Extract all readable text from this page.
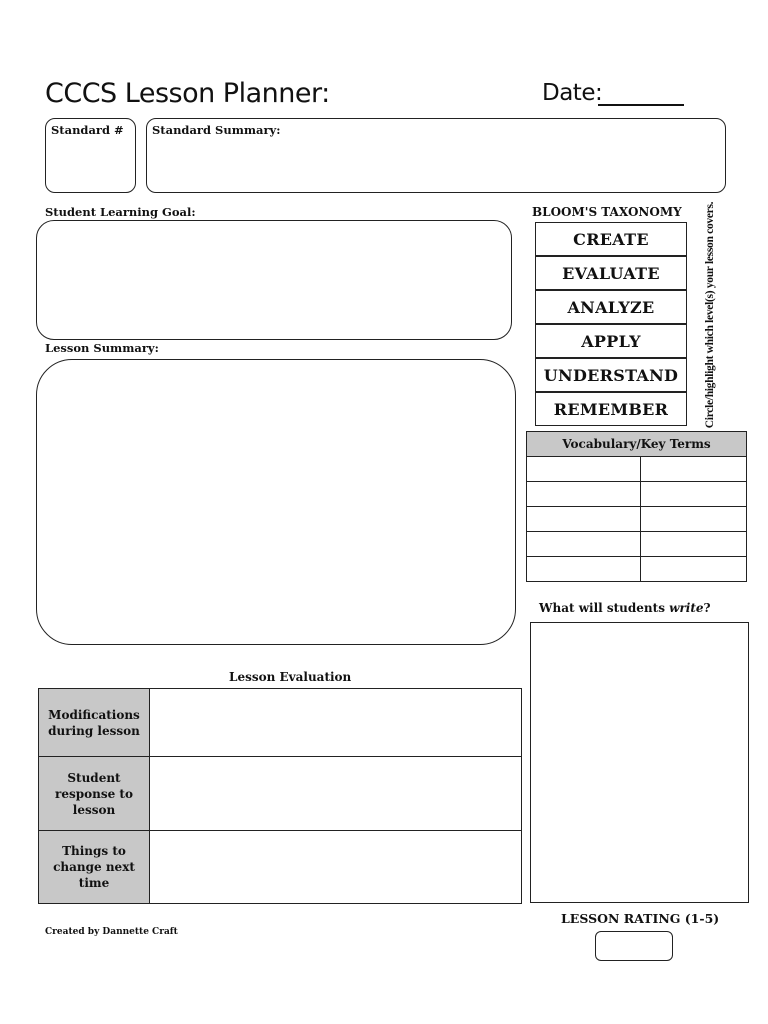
CCCS Lesson Planner:	Date:
Standard # Standard Summary:
Student Learning Goal:
Lesson Summary:
BLOOM'S TAXONOMY
CREATE
EVALUATE
ANALYZE
APPLY
UNDERSTAND
REMEMBER	Circle/highlight which level(s) your lesson covers.
Vocabulary/Key Terms	

What will students write?
Lesson Evaluation
Modifications during lesson	
Student response to lesson	
Things to change next time	
LESSON RATING (1-5)
Created by Dannette Craft
